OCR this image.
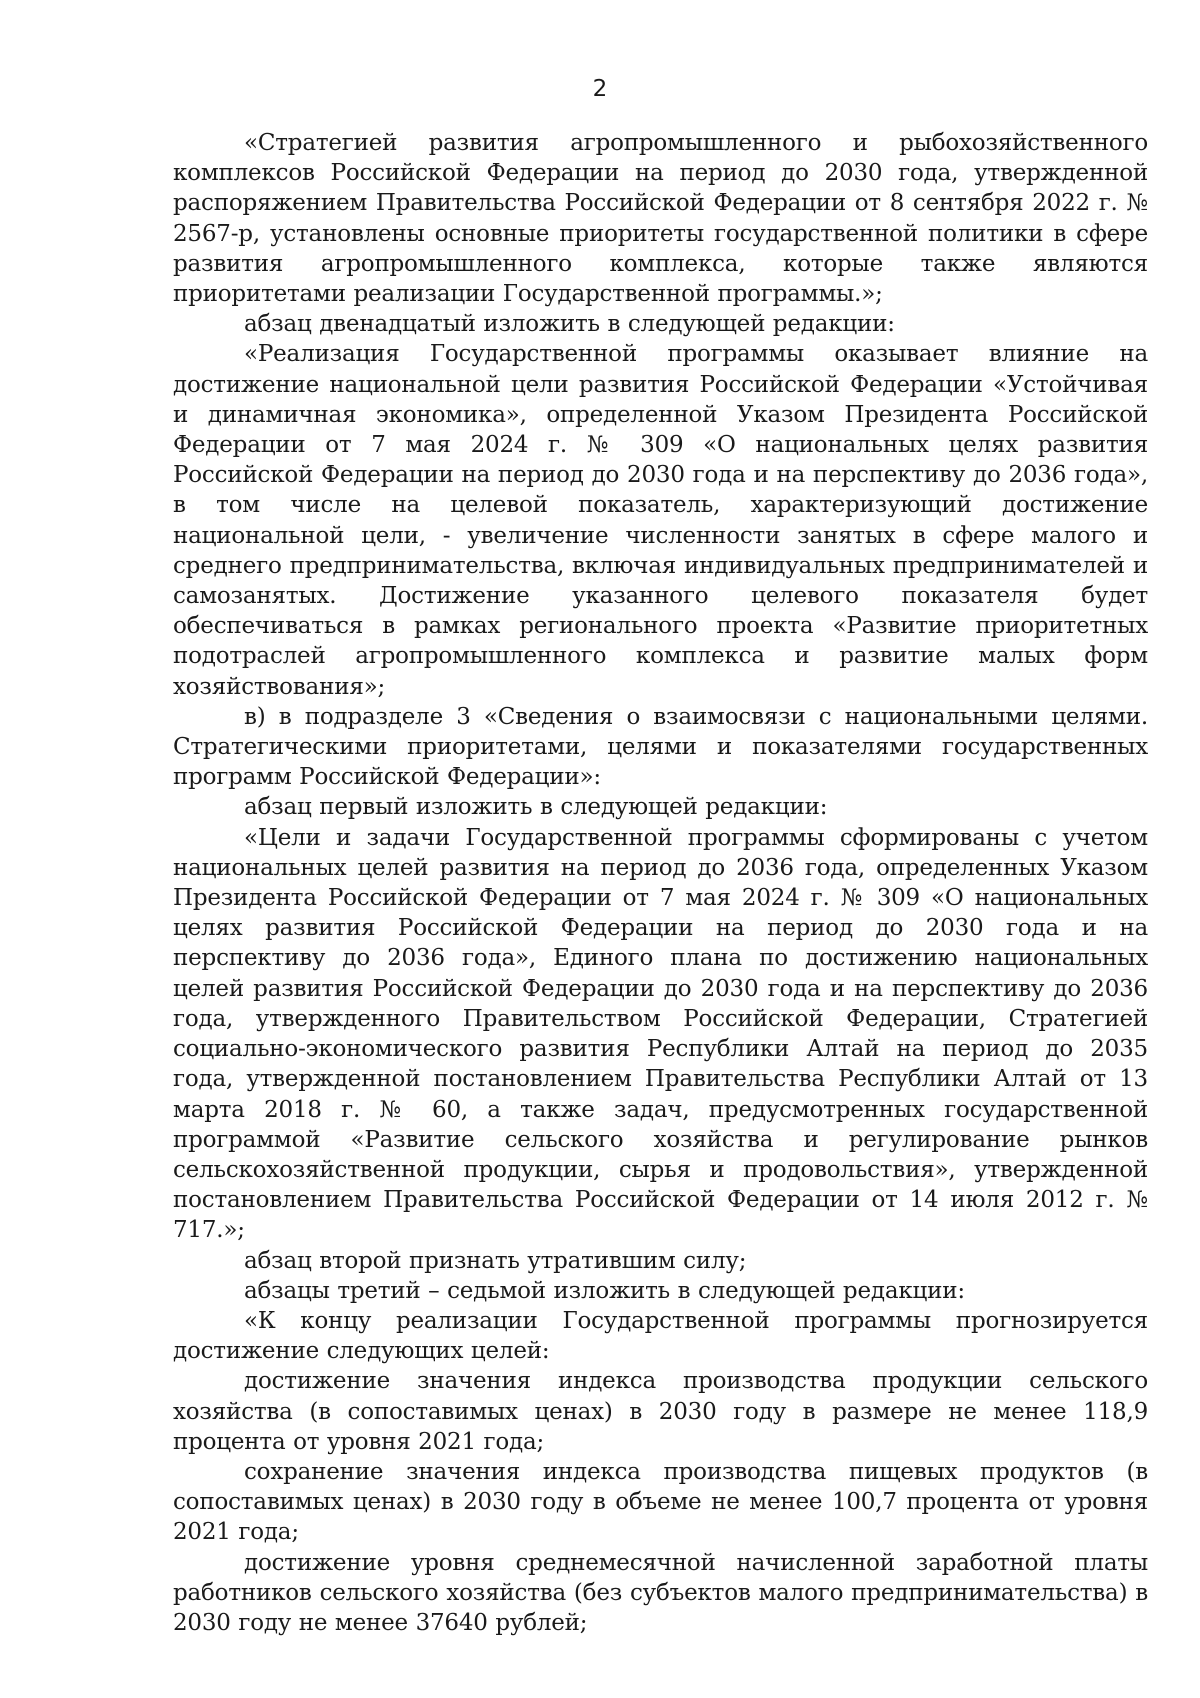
2

«Стратегией развития агропромышленного и рыбохозяйственного комплексов Российской Федерации на период до 2030 года, утвержденной распоряжением Правительства Российской Федерации от 8 сентября 2022 г. № 2567-р, установлены основные приоритеты государственной политики в сфере развития агропромышленного комплекса, которые также являются приоритетами реализации Государственной программы.»;

абзац двенадцатый изложить в следующей редакции:

«Реализация Государственной программы оказывает влияние на достижение национальной цели развития Российской Федерации «Устойчивая и динамичная экономика», определенной Указом Президента Российской Федерации от 7 мая 2024 г. № 309 «О национальных целях развития Российской Федерации на период до 2030 года и на перспективу до 2036 года», в том числе на целевой показатель, характеризующий достижение национальной цели, - увеличение численности занятых в сфере малого и среднего предпринимательства, включая индивидуальных предпринимателей и самозанятых. Достижение указанного целевого показателя будет обеспечиваться в рамках регионального проекта «Развитие приоритетных подотраслей агропромышленного комплекса и развитие малых форм хозяйствования»;

в) в подразделе 3 «Сведения о взаимосвязи с национальными целями. Стратегическими приоритетами, целями и показателями государственных программ Российской Федерации»:

абзац первый изложить в следующей редакции:

«Цели и задачи Государственной программы сформированы с учетом национальных целей развития на период до 2036 года, определенных Указом Президента Российской Федерации от 7 мая 2024 г. № 309 «О национальных целях развития Российской Федерации на период до 2030 года и на перспективу до 2036 года», Единого плана по достижению национальных целей развития Российской Федерации до 2030 года и на перспективу до 2036 года, утвержденного Правительством Российской Федерации, Стратегией социально-экономического развития Республики Алтай на период до 2035 года, утвержденной постановлением Правительства Республики Алтай от 13 марта 2018 г. № 60, а также задач, предусмотренных государственной программой «Развитие сельского хозяйства и регулирование рынков сельскохозяйственной продукции, сырья и продовольствия», утвержденной постановлением Правительства Российской Федерации от 14 июля 2012 г. № 717.»;

абзац второй признать утратившим силу;

абзацы третий – седьмой изложить в следующей редакции:

«К концу реализации Государственной программы прогнозируется достижение следующих целей:

достижение значения индекса производства продукции сельского хозяйства (в сопоставимых ценах) в 2030 году в размере не менее 118,9 процента от уровня 2021 года;

сохранение значения индекса производства пищевых продуктов (в сопоставимых ценах) в 2030 году в объеме не менее 100,7 процента от уровня 2021 года;

достижение уровня среднемесячной начисленной заработной платы работников сельского хозяйства (без субъектов малого предпринимательства) в 2030 году не менее 37640 рублей;
